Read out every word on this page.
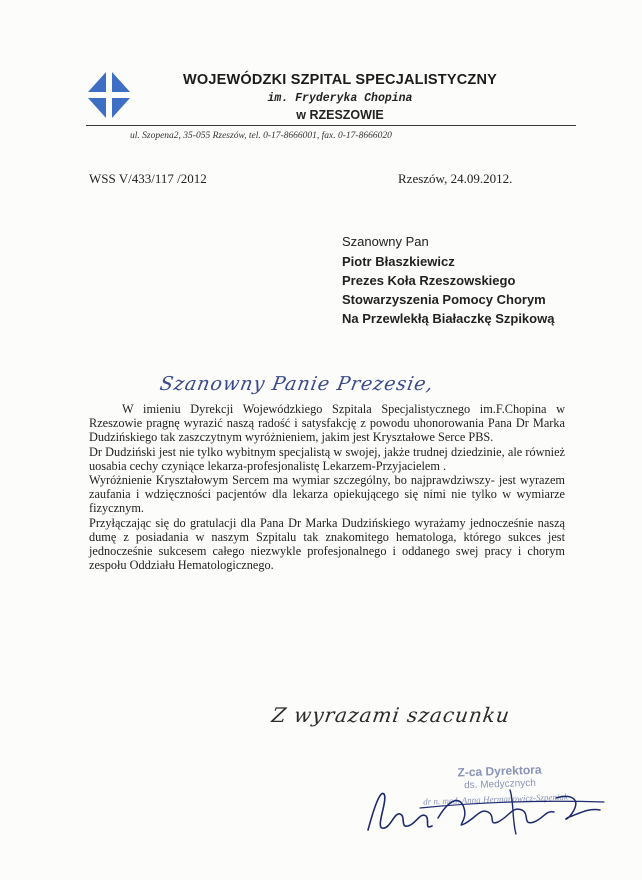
WOJEWÓDZKI SZPITAL SPECJALISTYCZNY
im. Fryderyka Chopina
w RZESZOWIE
ul. Szopena2, 35-055 Rzeszów, tel. 0-17-8666001, fax. 0-17-8666020
WSS V/433/117 /2012	Rzeszów, 24.09.2012.
Szanowny Pan
Piotr Błaszkiewicz
Prezes Koła Rzeszowskiego
Stowarzyszenia Pomocy Chorym
Na Przewlekłą Białaczkę Szpikową
Szanowny Panie Prezesie,

W imieniu Dyrekcji Wojewódzkiego Szpitala Specjalistycznego im.F.Chopina w Rzeszowie pragnę wyrazić naszą radość i satysfakcję z powodu uhonorowania Pana Dr Marka Dudzińskiego tak zaszczytnym wyróżnieniem, jakim jest Kryształowe Serce PBS.

Dr Dudziński jest nie tylko wybitnym specjalistą w swojej, jakże trudnej dziedzinie, ale również uosabia cechy czyniące lekarza-profesjonalistę Lekarzem-Przyjacielem .

Wyróżnienie Kryształowym Sercem ma wymiar szczególny, bo najprawdziwszy- jest wyrazem zaufania i wdzięczności pacjentów dla lekarza opiekującego się nimi nie tylko w wymiarze fizycznym.

Przyłączając się do gratulacji dla Pana Dr Marka Dudzińskiego wyrażamy jednocześnie naszą dumę z posiadania w naszym Szpitalu tak znakomitego hematologa, którego sukces jest jednocześnie sukcesem całego niezwykle profesjonalnego i oddanego swej pracy i chorym zespołu Oddziału Hematologicznego.

Z wyrazami szacunku
Z-ca Dyrektora
ds. Medycznych
dr n. med. Anna Hermanowicz-Szpeniak
